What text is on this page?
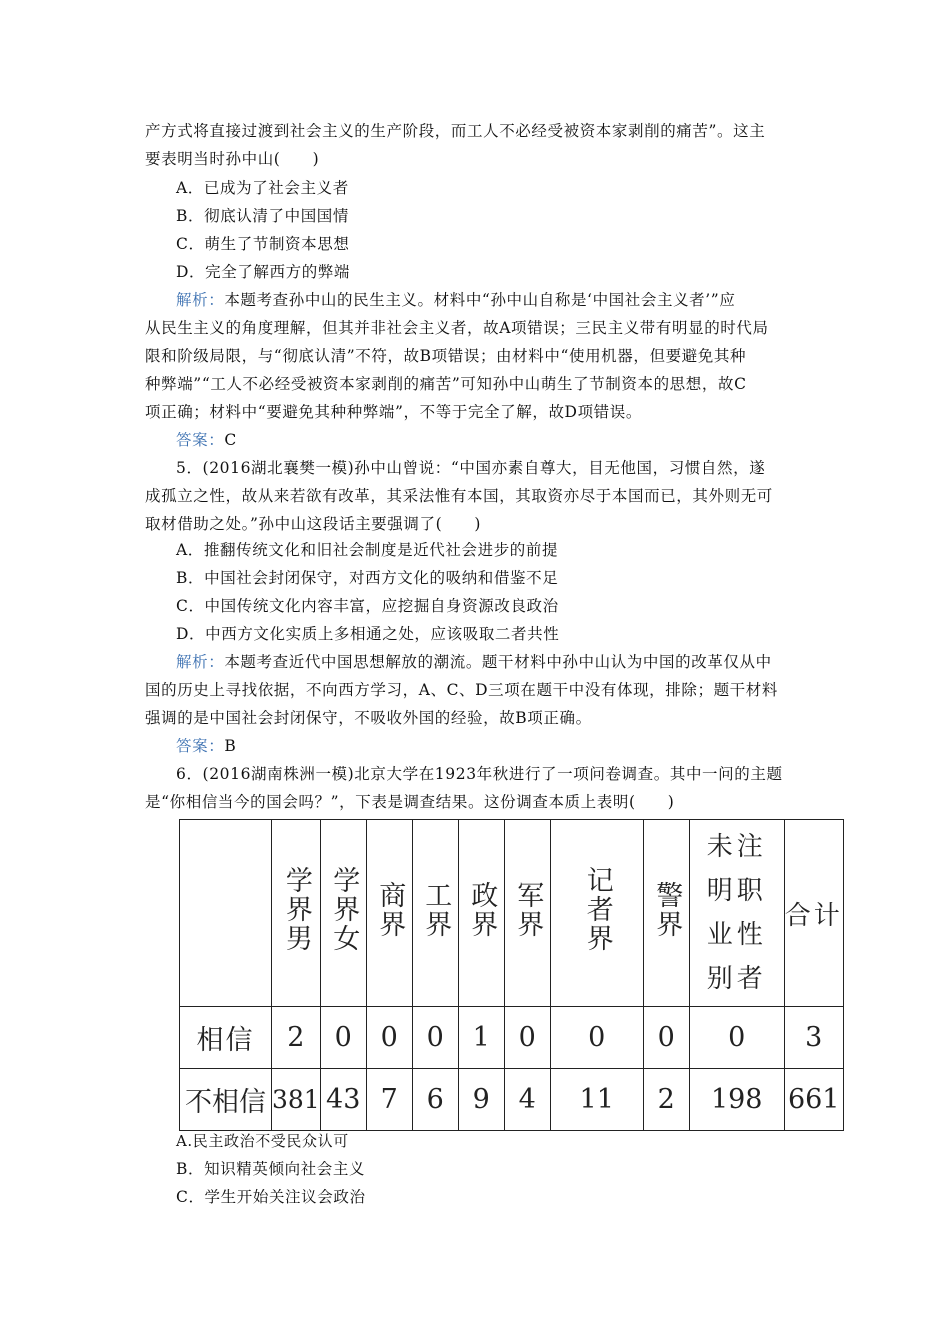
产方式将直接过渡到社会主义的生产阶段，而工人不必经受被资本家剥削的痛苦”。这主
要表明当时孙中山(　　)
A．已成为了社会主义者
B．彻底认清了中国国情
C．萌生了节制资本思想
D．完全了解西方的弊端
解析：本题考查孙中山的民生主义。材料中“孙中山自称是‘中国社会主义者’”应
从民生主义的角度理解，但其并非社会主义者，故A项错误；三民主义带有明显的时代局
限和阶级局限，与“彻底认清”不符，故B项错误；由材料中“使用机器，但要避免其种
种弊端”“工人不必经受被资本家剥削的痛苦”可知孙中山萌生了节制资本的思想，故C
项正确；材料中“要避免其种种弊端”，不等于完全了解，故D项错误。
答案：C
5．(2016湖北襄樊一模)孙中山曾说：“中国亦素自尊大，目无他国，习惯自然，遂
成孤立之性，故从来若欲有改革，其采法惟有本国，其取资亦尽于本国而已，其外则无可
取材借助之处。”孙中山这段话主要强调了(　　)
A．推翻传统文化和旧社会制度是近代社会进步的前提
B．中国社会封闭保守，对西方文化的吸纳和借鉴不足
C．中国传统文化内容丰富，应挖掘自身资源改良政治
D．中西方文化实质上多相通之处，应该吸取二者共性
解析：本题考查近代中国思想解放的潮流。题干材料中孙中山认为中国的改革仅从中
国的历史上寻找依据，不向西方学习，A、C、D三项在题干中没有体现，排除；题干材料
强调的是中国社会封闭保守，不吸收外国的经验，故B项正确。
答案：B
6．(2016湖南株洲一模)北京大学在1923年秋进行了一项问卷调查。其中一问的主题
是“你相信当今的国会吗？”，下表是调查结果。这份调查本质上表明(　　)
	学界男	学界女	商界	工界	政界	军界	记者界	警界	未注明职业性别者	合计
相信	2	0	0	0	1	0	0	0	0	3
不相信	381	43	7	6	9	4	11	2	198	661
A.民主政治不受民众认可
B．知识精英倾向社会主义
C．学生开始关注议会政治
